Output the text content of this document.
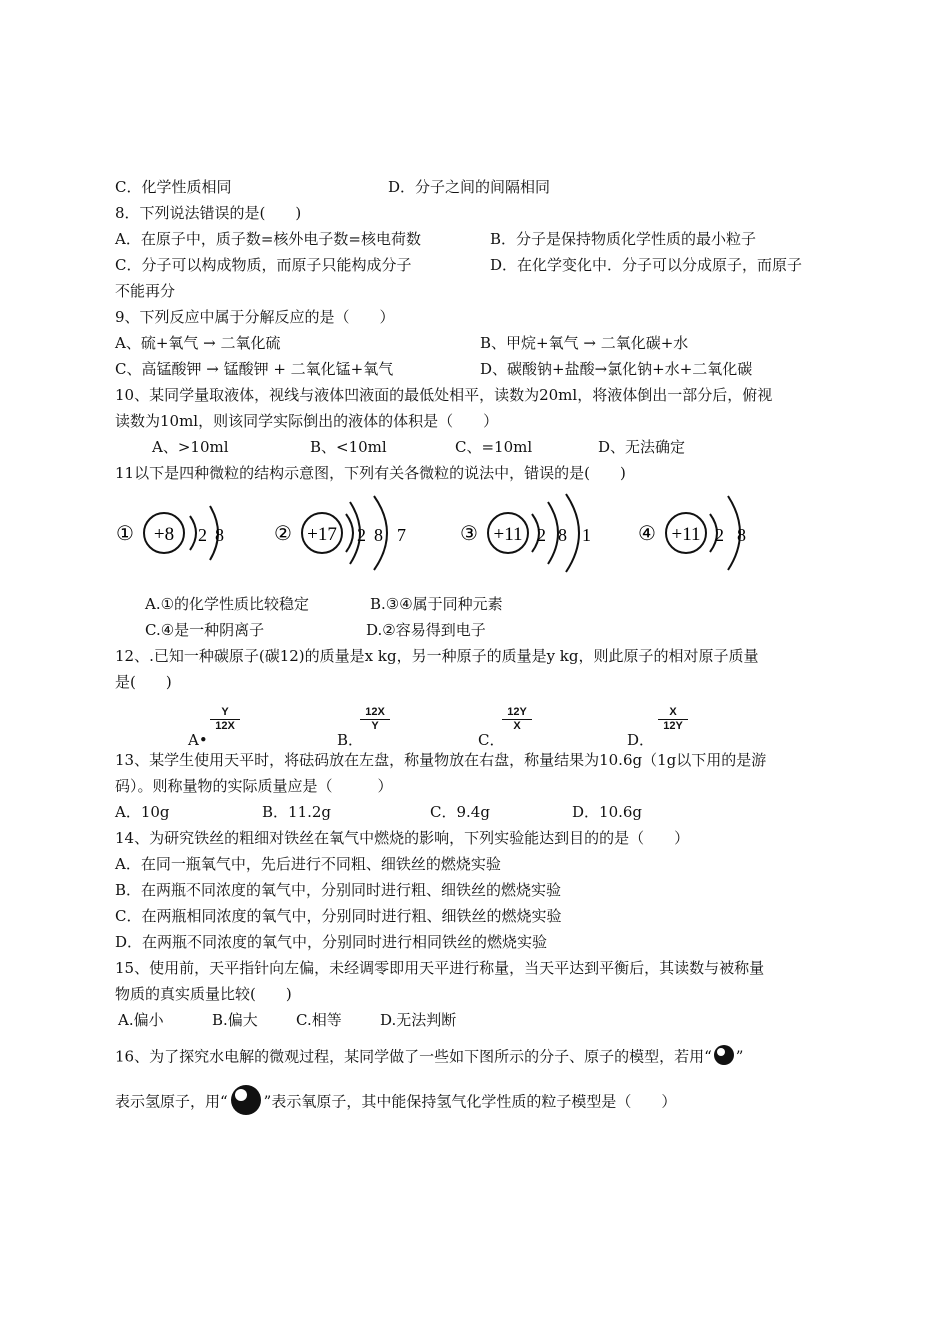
C．化学性质相同	D．分子之间的间隔相同
8．下列说法错误的是(　　)
A．在原子中，质子数=核外电子数=核电荷数	B．分子是保持物质化学性质的最小粒子
C．分子可以构成物质，而原子只能构成分子	D．在化学变化中．分子可以分成原子，而原子
不能再分
9、下列反应中属于分解反应的是（　　）
A、硫+氧气 → 二氧化硫	B、甲烷+氧气 → 二氧化碳+水
C、高锰酸钾 → 锰酸钾 + 二氧化锰+氧气	D、碳酸钠+盐酸→氯化钠+水+二氧化碳
10、某同学量取液体，视线与液体凹液面的最低处相平，读数为20ml，将液体倒出一部分后，俯视
读数为10ml，则该同学实际倒出的液体的体积是（　　）
A、>10ml	B、<10ml	C、=10ml	D、无法确定
11以下是四种微粒的结构示意图，下列有关各微粒的说法中，错误的是(　　)
① +8 2 8	② +17 2 8 7	③ +11 2 8 1 ④ +11 2 8
A.①的化学性质比较稳定	B.③④属于同种元素
C.④是一种阴离子	D.②容易得到电子
12、.已知一种碳原子(碳12)的质量是x kg，另一种原子的质量是y kg，则此原子的相对原子质量
是(　　)
A•
$\frac{Y}{12X}$
B．
$\frac{12X}{Y}$
C．
$\frac{12Y}{X}$
D．
$\frac{X}{12Y}$
13、某学生使用天平时，将砝码放在左盘，称量物放在右盘，称量结果为10.6g（1g以下用的是游
码）。则称量物的实际质量应是（　　　）
A．10g	B．11.2g	C．9.4g	D．10.6g
14、为研究铁丝的粗细对铁丝在氧气中燃烧的影响，下列实验能达到目的的是（　　）
A．在同一瓶氧气中，先后进行不同粗、细铁丝的燃烧实验
B．在两瓶不同浓度的氧气中，分别同时进行粗、细铁丝的燃烧实验
C．在两瓶相同浓度的氧气中，分别同时进行粗、细铁丝的燃烧实验
D．在两瓶不同浓度的氧气中，分别同时进行相同铁丝的燃烧实验
15、使用前，天平指针向左偏，未经调零即用天平进行称量，当天平达到平衡后，其读数与被称量
物质的真实质量比较(　　)
A.偏小	B.偏大	C.相等	D.无法判断
16、为了探究水电解的微观过程，某同学做了一些如下图所示的分子、原子的模型，若用“ ”
表示氢原子，用“ ”表示氧原子，其中能保持氢气化学性质的粒子模型是（　　）
